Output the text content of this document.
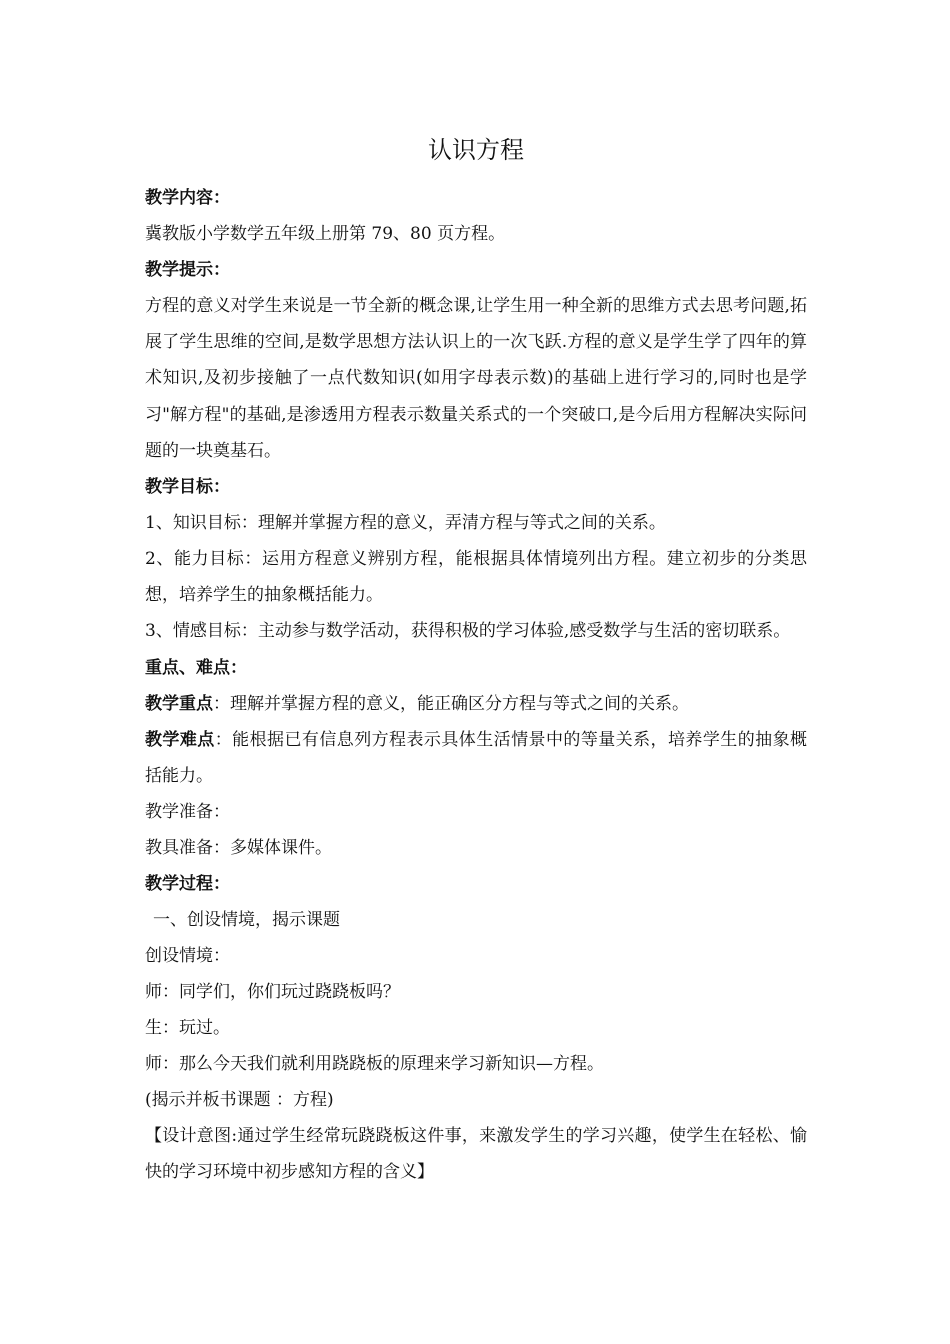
认识方程

教学内容：

冀教版小学数学五年级上册第 79、80 页方程。

教学提示：

方程的意义对学生来说是一节全新的概念课,让学生用一种全新的思维方式去思考问题,拓展了学生思维的空间,是数学思想方法认识上的一次飞跃.方程的意义是学生学了四年的算术知识,及初步接触了一点代数知识(如用字母表示数)的基础上进行学习的,同时也是学习"解方程"的基础,是渗透用方程表示数量关系式的一个突破口,是今后用方程解决实际问题的一块奠基石。

教学目标：

1、知识目标：理解并掌握方程的意义，弄清方程与等式之间的关系。

2、能力目标：运用方程意义辨别方程，能根据具体情境列出方程。建立初步的分类思想，培养学生的抽象概括能力。

3、情感目标：主动参与数学活动，获得积极的学习体验,感受数学与生活的密切联系。

重点、难点：

教学重点：理解并掌握方程的意义，能正确区分方程与等式之间的关系。

教学难点：能根据已有信息列方程表示具体生活情景中的等量关系，培养学生的抽象概括能力。

教学准备：

教具准备：多媒体课件。

教学过程：

一、创设情境，揭示课题

创设情境：

师：同学们，你们玩过跷跷板吗？

生：玩过。

师：那么今天我们就利用跷跷板的原理来学习新知识—方程。

(揭示并板书课题 ：方程)

【设计意图:通过学生经常玩跷跷板这件事，来激发学生的学习兴趣，使学生在轻松、愉快的学习环境中初步感知方程的含义】
